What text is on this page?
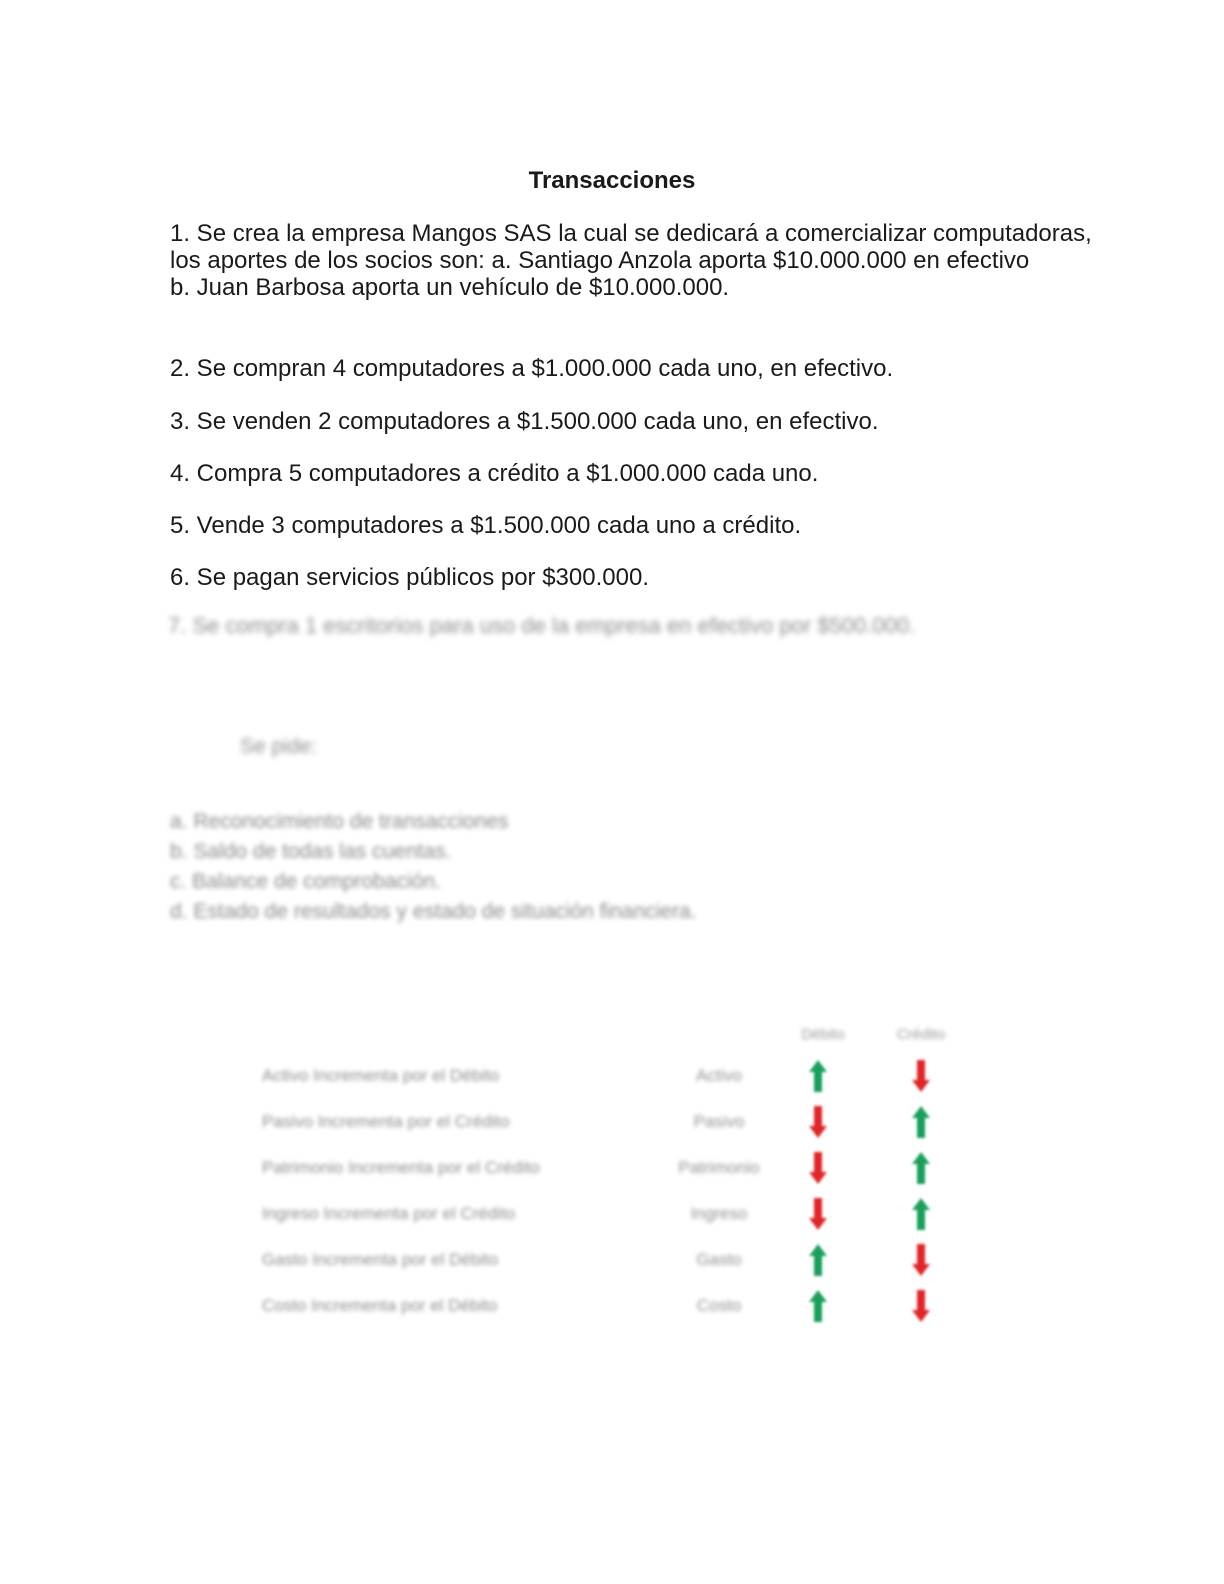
Transacciones
1. Se crea la empresa Mangos SAS la cual se dedicará a comercializar computadoras,
los aportes de los socios son: a. Santiago Anzola aporta $10.000.000 en efectivo
b. Juan Barbosa aporta un vehículo de $10.000.000.
2. Se compran 4 computadores a $1.000.000 cada uno, en efectivo.
3. Se venden 2 computadores a $1.500.000 cada uno, en efectivo.
4. Compra 5 computadores a crédito a $1.000.000 cada uno.
5. Vende 3 computadores a $1.500.000 cada uno a crédito.
6. Se pagan servicios públicos por $300.000.
7. Se compra 1 escritorios para uso de la empresa en efectivo por $500.000.
Se pide:
a. Reconocimiento de transacciones
b. Saldo de todas las cuentas.
c. Balance de comprobación.
d. Estado de resultados y estado de situación financiera.
Débito	Crédito
Activo Incrementa por el Débito	Activo
Pasivo Incrementa por el Crédito	Pasivo
Patrimonio Incrementa por el Crédito	Patrimonio
Ingreso Incrementa por el Crédito	Ingreso
Gasto Incrementa por el Débito	Gasto
Costo Incrementa por el Débito	Costo
